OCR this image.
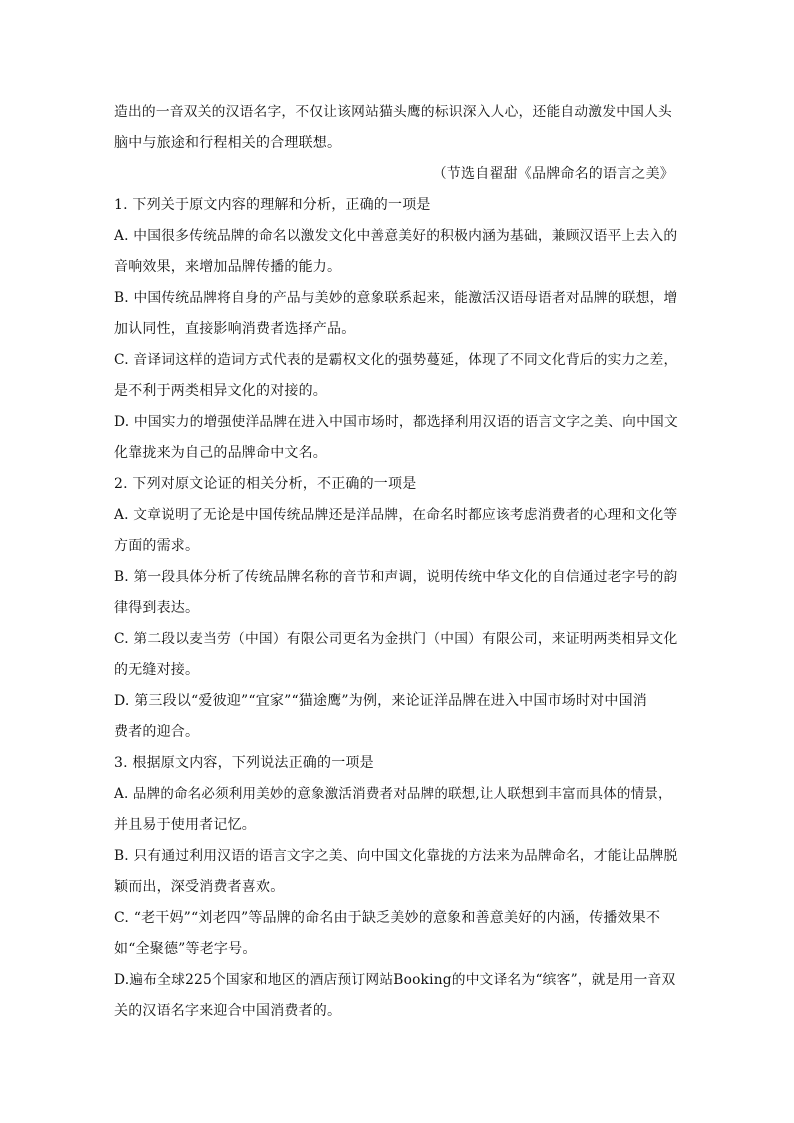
造出的一音双关的汉语名字，不仅让该网站猫头鹰的标识深入人心，还能自动激发中国人头
脑中与旅途和行程相关的合理联想。
（节选自翟甜《品牌命名的语言之美》
1. 下列关于原文内容的理解和分析，正确的一项是
A. 中国很多传统品牌的命名以激发文化中善意美好的积极内涵为基础，兼顾汉语平上去入的
音响效果，来增加品牌传播的能力。
B. 中国传统品牌将自身的产品与美妙的意象联系起来，能激活汉语母语者对品牌的联想，增
加认同性，直接影响消费者选择产品。
C. 音译词这样的造词方式代表的是霸权文化的强势蔓延，体现了不同文化背后的实力之差，
是不利于两类相异文化的对接的。
D. 中国实力的增强使洋品牌在进入中国市场时，都选择利用汉语的语言文字之美、向中国文
化靠拢来为自己的品牌命中文名。
2. 下列对原文论证的相关分析，不正确的一项是
A. 文章说明了无论是中国传统品牌还是洋品牌，在命名时都应该考虑消费者的心理和文化等
方面的需求。
B. 第一段具体分析了传统品牌名称的音节和声调，说明传统中华文化的自信通过老字号的韵
律得到表达。
C. 第二段以麦当劳（中国）有限公司更名为金拱门（中国）有限公司，来证明两类相异文化
的无缝对接。
D. 第三段以“爱彼迎”“宜家”“猫途鹰”为例，来论证洋品牌在进入中国市场时对中国消
费者的迎合。
3. 根据原文内容，下列说法正确的一项是
A. 品牌的命名必须利用美妙的意象激活消费者对品牌的联想,让人联想到丰富而具体的情景，
并且易于使用者记忆。
B. 只有通过利用汉语的语言文字之美、向中国文化靠拢的方法来为品牌命名，才能让品牌脱
颖而出，深受消费者喜欢。
C. “老干妈”“刘老四”等品牌的命名由于缺乏美妙的意象和善意美好的内涵，传播效果不
如“全聚德”等老字号。
D.遍布全球225个国家和地区的酒店预订网站Booking的中文译名为“缤客”，就是用一音双
关的汉语名字来迎合中国消费者的。
